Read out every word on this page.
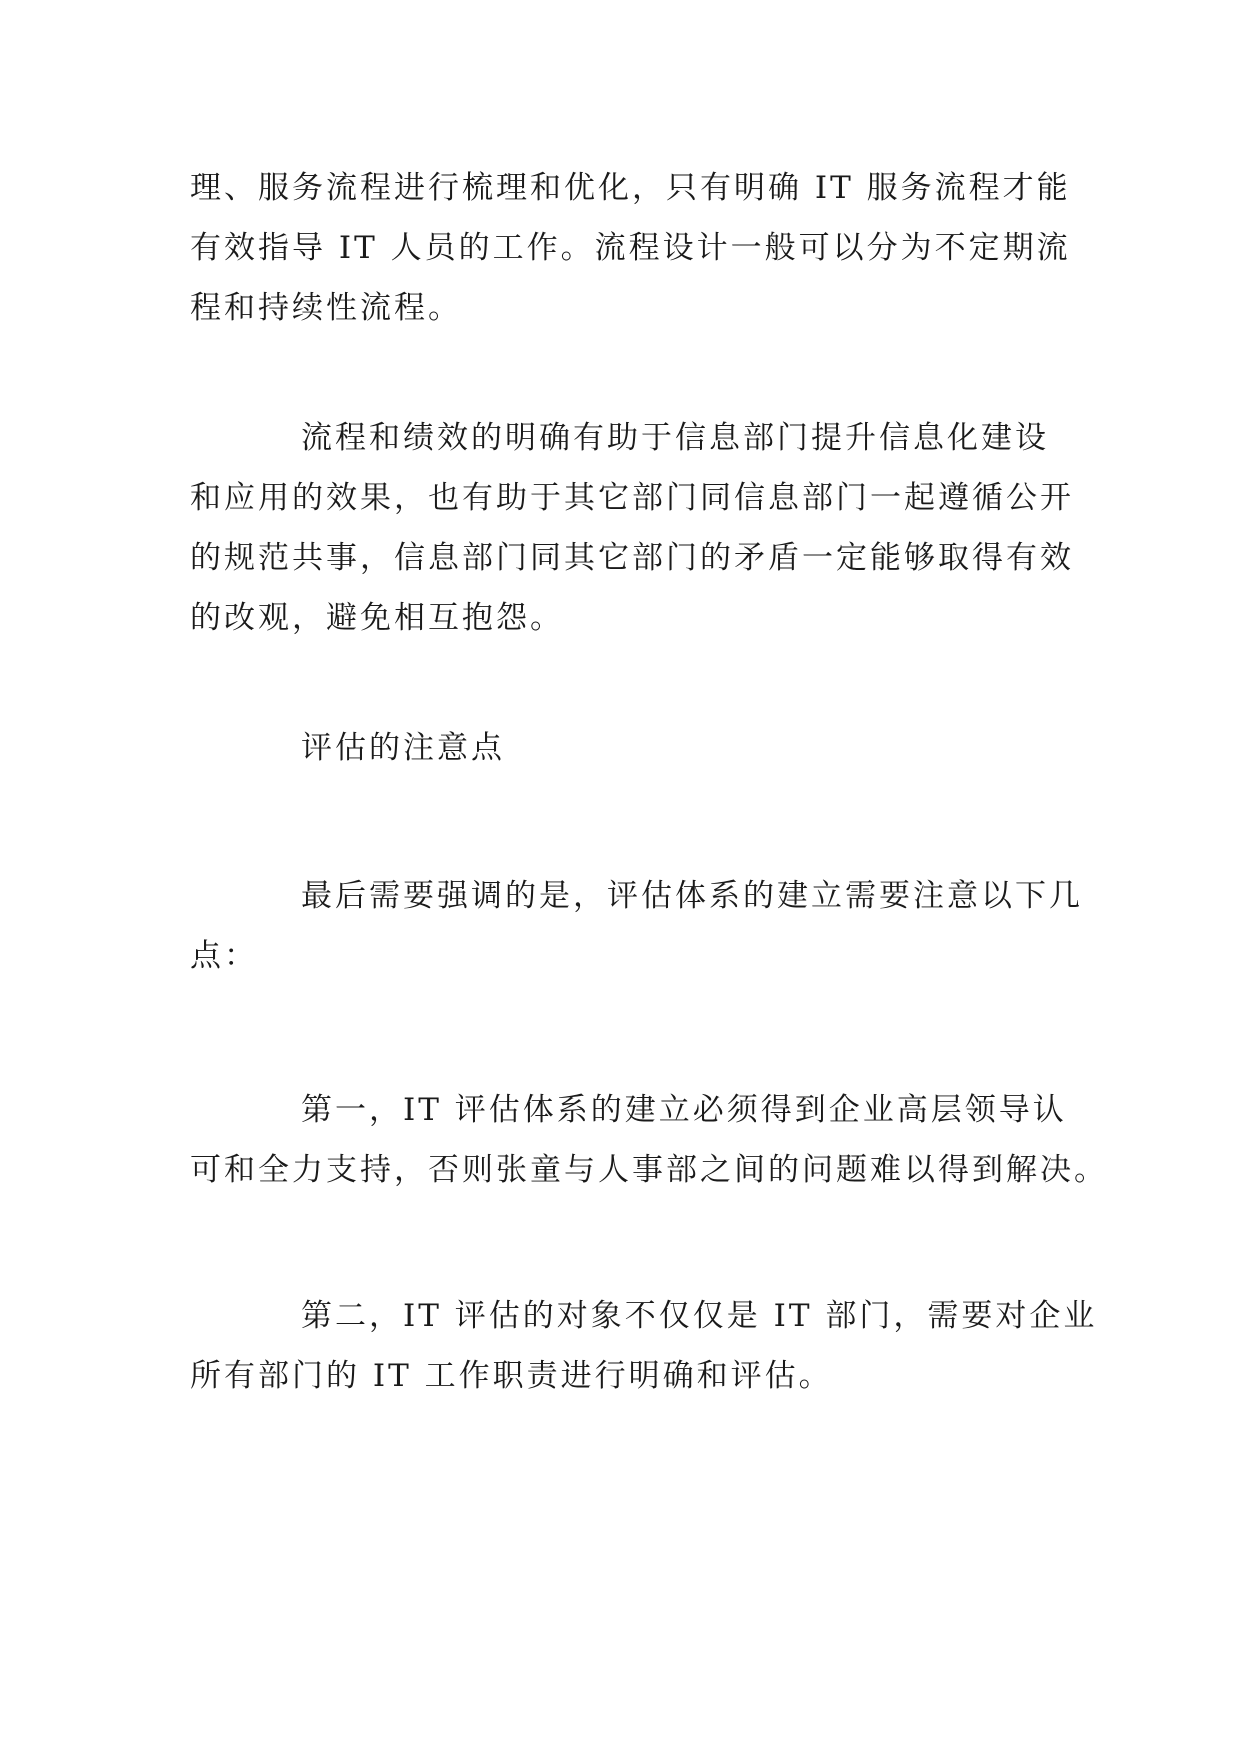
理、服务流程进行梳理和优化，只有明确 IT 服务流程才能
有效指导 IT 人员的工作。流程设计一般可以分为不定期流
程和持续性流程。

流程和绩效的明确有助于信息部门提升信息化建设
和应用的效果，也有助于其它部门同信息部门一起遵循公开
的规范共事，信息部门同其它部门的矛盾一定能够取得有效
的改观，避免相互抱怨。

评估的注意点

最后需要强调的是，评估体系的建立需要注意以下几
点：

第一，IT 评估体系的建立必须得到企业高层领导认
可和全力支持，否则张童与人事部之间的问题难以得到解决。

第二，IT 评估的对象不仅仅是 IT 部门，需要对企业
所有部门的 IT 工作职责进行明确和评估。
